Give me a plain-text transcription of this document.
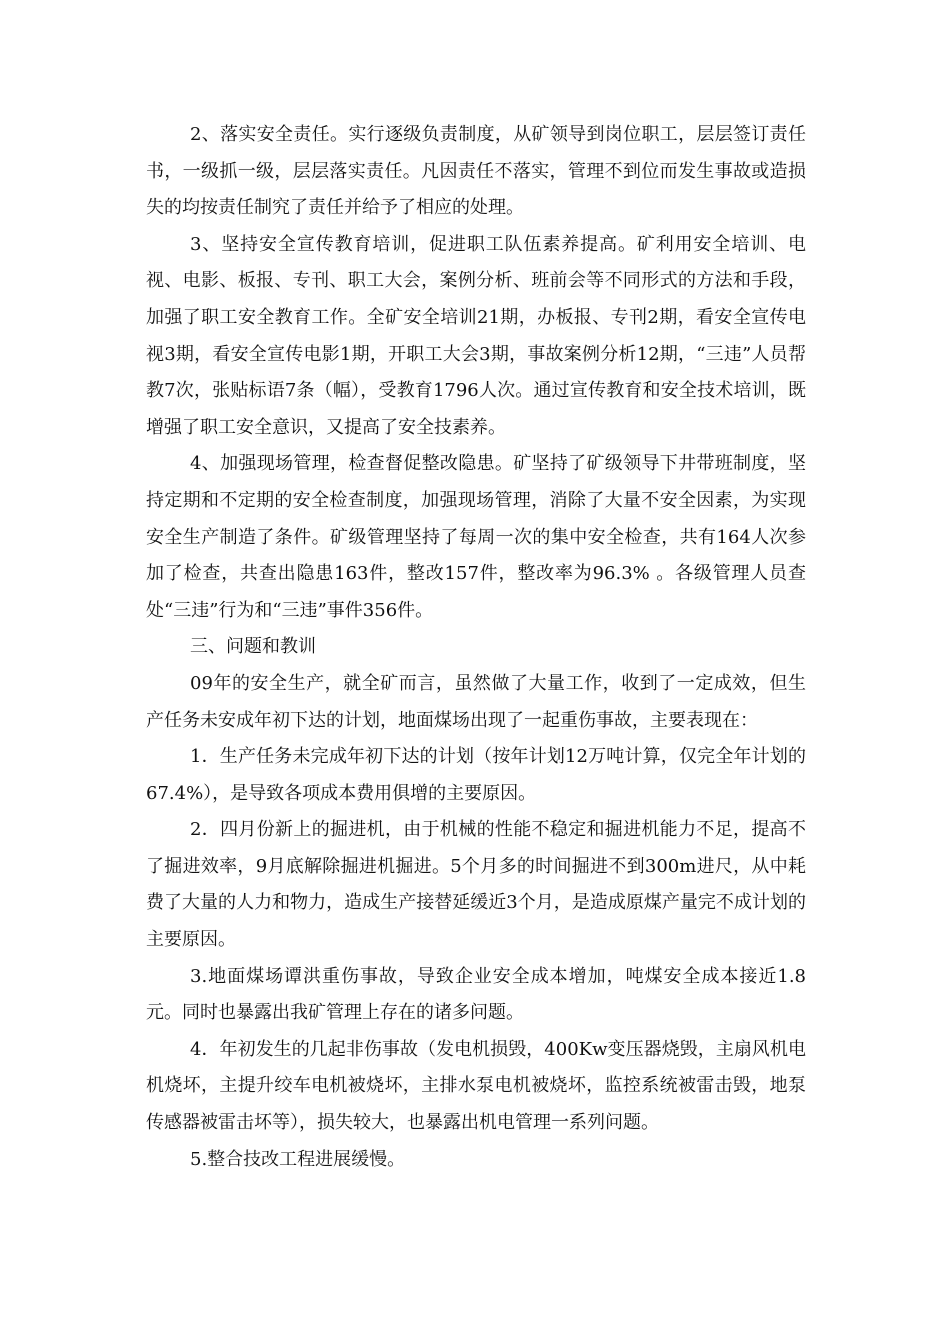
2、落实安全责任。实行逐级负责制度，从矿领导到岗位职工，层层签订责任书，一级抓一级，层层落实责任。凡因责任不落实，管理不到位而发生事故或造损失的均按责任制究了责任并给予了相应的处理。

3、坚持安全宣传教育培训，促进职工队伍素养提高。矿利用安全培训、电视、电影、板报、专刊、职工大会，案例分析、班前会等不同形式的方法和手段，加强了职工安全教育工作。全矿安全培训21期，办板报、专刊2期，看安全宣传电视3期，看安全宣传电影1期，开职工大会3期，事故案例分析12期，“三违”人员帮教7次，张贴标语7条（幅），受教育1796人次。通过宣传教育和安全技术培训，既增强了职工安全意识，又提高了安全技素养。

4、加强现场管理，检查督促整改隐患。矿坚持了矿级领导下井带班制度，坚持定期和不定期的安全检查制度，加强现场管理，消除了大量不安全因素，为实现安全生产制造了条件。矿级管理坚持了每周一次的集中安全检查，共有164人次参加了检查，共查出隐患163件，整改157件，整改率为96.3% 。各级管理人员查处“三违”行为和“三违”事件356件。

三、问题和教训

09年的安全生产，就全矿而言，虽然做了大量工作，收到了一定成效，但生产任务未安成年初下达的计划，地面煤场出现了一起重伤事故，主要表现在：

1．生产任务未完成年初下达的计划（按年计划12万吨计算，仅完全年计划的67.4%），是导致各项成本费用俱增的主要原因。

2．四月份新上的掘进机，由于机械的性能不稳定和掘进机能力不足，提高不了掘进效率，9月底解除掘进机掘进。5个月多的时间掘进不到300m进尺，从中耗费了大量的人力和物力，造成生产接替延缓近3个月，是造成原煤产量完不成计划的主要原因。

3.地面煤场谭洪重伤事故，导致企业安全成本增加，吨煤安全成本接近1.8元。同时也暴露出我矿管理上存在的诸多问题。

4．年初发生的几起非伤事故（发电机损毁，400Kw变压器烧毁，主扇风机电机烧坏，主提升绞车电机被烧坏，主排水泵电机被烧坏，监控系统被雷击毁，地泵传感器被雷击坏等），损失较大，也暴露出机电管理一系列问题。

5.整合技改工程进展缓慢。
